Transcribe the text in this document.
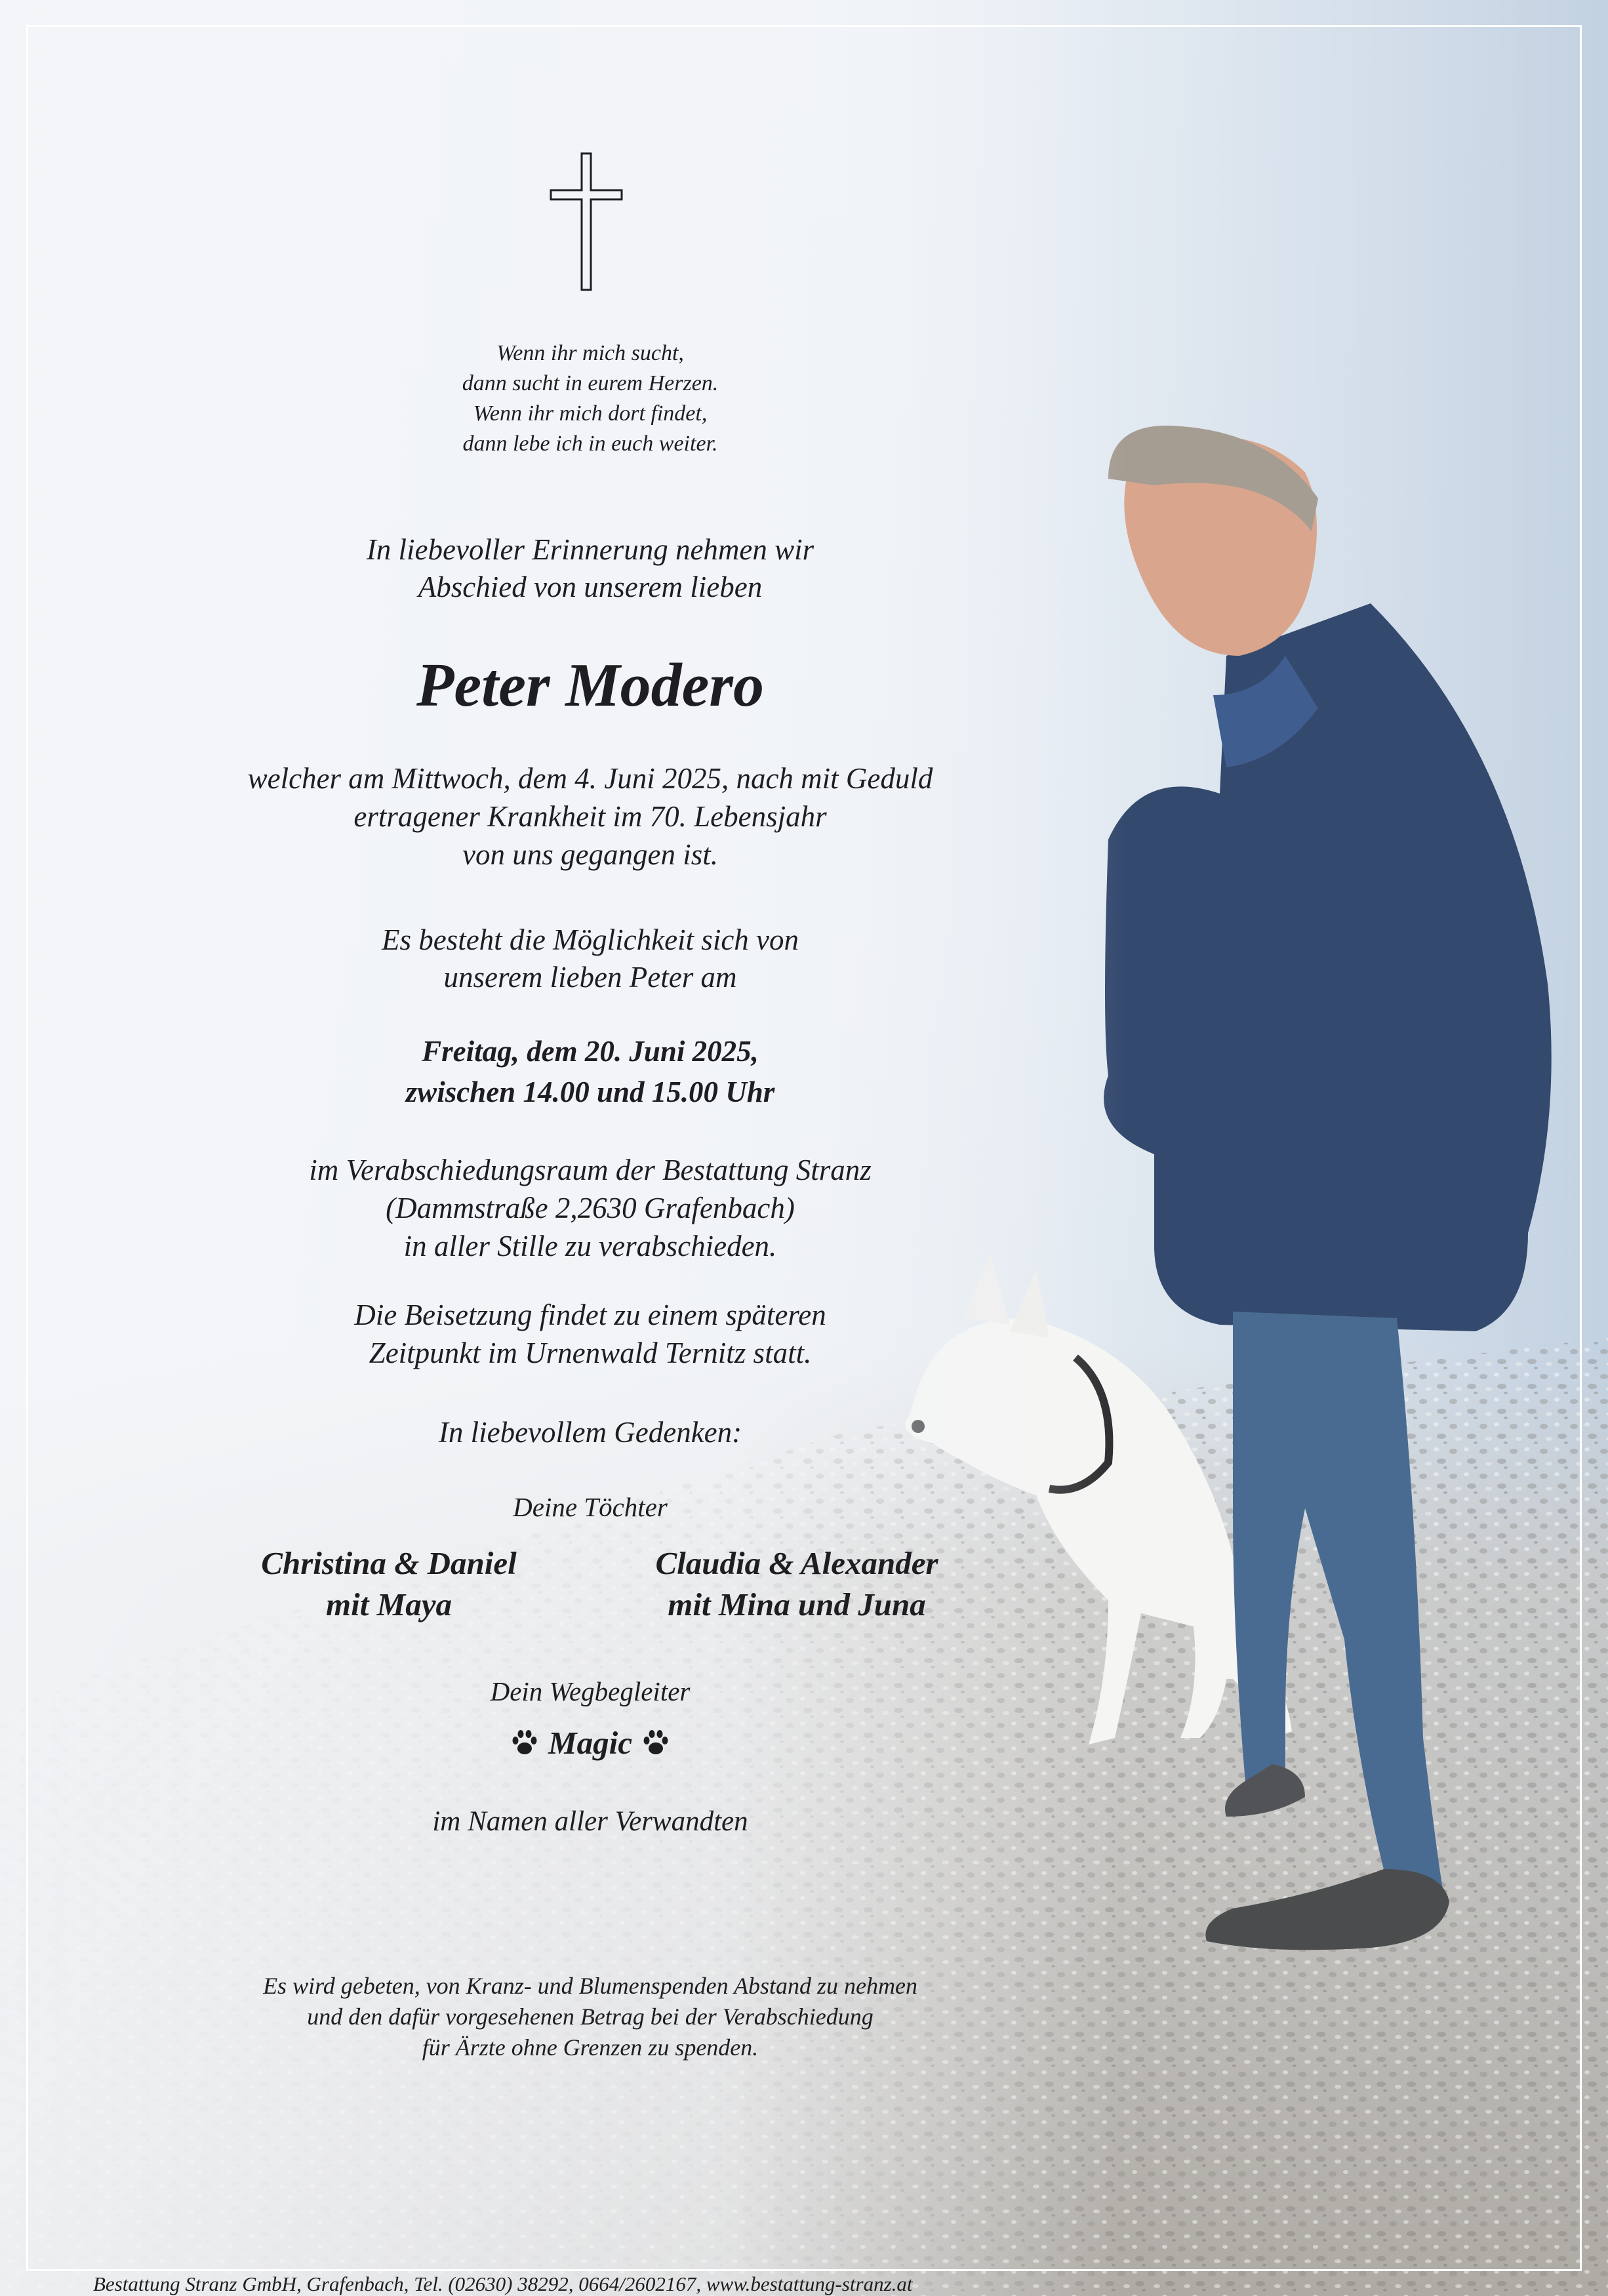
Wenn ihr mich sucht,
dann sucht in eurem Herzen.
Wenn ihr mich dort findet,
dann lebe ich in euch weiter.
In liebevoller Erinnerung nehmen wir
Abschied von unserem lieben
Peter Modero
welcher am Mittwoch, dem 4. Juni 2025, nach mit Geduld
ertragener Krankheit im 70. Lebensjahr
von uns gegangen ist.
Es besteht die Möglichkeit sich von
unserem lieben Peter am
Freitag, dem 20. Juni 2025,
zwischen 14.00 und 15.00 Uhr
im Verabschiedungsraum der Bestattung Stranz
(Dammstraße 2,2630 Grafenbach)
in aller Stille zu verabschieden.
Die Beisetzung findet zu einem späteren
Zeitpunkt im Urnenwald Ternitz statt.
In liebevollem Gedenken:
Deine Töchter
Christina & Daniel
mit Maya
Claudia & Alexander
mit Mina und Juna
Dein Wegbegleiter
Magic
im Namen aller Verwandten
Es wird gebeten, von Kranz- und Blumenspenden Abstand zu nehmen
und den dafür vorgesehenen Betrag bei der Verabschiedung
für Ärzte ohne Grenzen zu spenden.
Bestattung Stranz GmbH, Grafenbach, Tel. (02630) 38292, 0664/2602167, www.bestattung-stranz.at
